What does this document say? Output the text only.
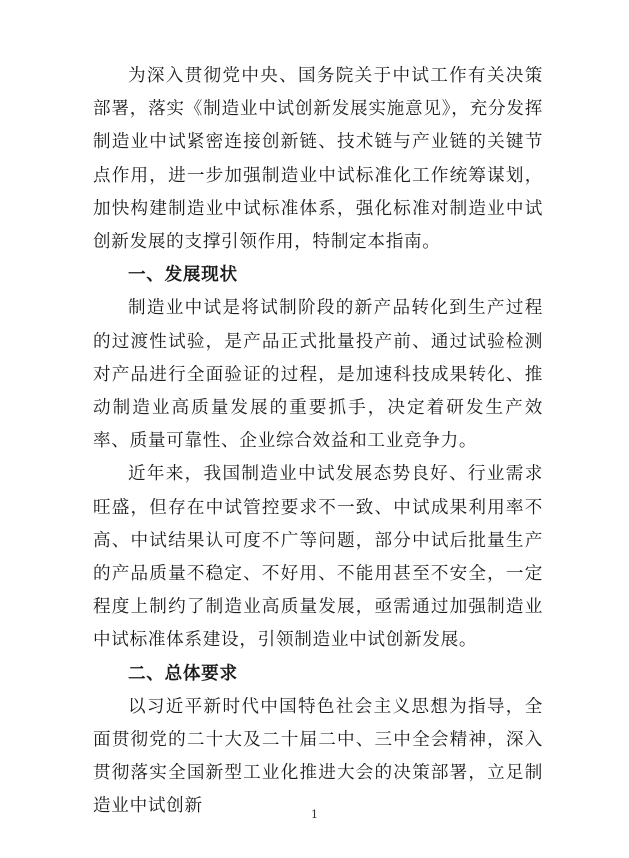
为深入贯彻党中央、国务院关于中试工作有关决策部署，落实《制造业中试创新发展实施意见》，充分发挥制造业中试紧密连接创新链、技术链与产业链的关键节点作用，进一步加强制造业中试标准化工作统筹谋划，加快构建制造业中试标准体系，强化标准对制造业中试创新发展的支撑引领作用，特制定本指南。

一、发展现状

制造业中试是将试制阶段的新产品转化到生产过程的过渡性试验，是产品正式批量投产前、通过试验检测对产品进行全面验证的过程，是加速科技成果转化、推动制造业高质量发展的重要抓手，决定着研发生产效率、质量可靠性、企业综合效益和工业竞争力。

近年来，我国制造业中试发展态势良好、行业需求旺盛，但存在中试管控要求不一致、中试成果利用率不高、中试结果认可度不广等问题，部分中试后批量生产的产品质量不稳定、不好用、不能用甚至不安全，一定程度上制约了制造业高质量发展，亟需通过加强制造业中试标准体系建设，引领制造业中试创新发展。

二、总体要求

以习近平新时代中国特色社会主义思想为指导，全面贯彻党的二十大及二十届二中、三中全会精神，深入贯彻落实全国新型工业化推进大会的决策部署，立足制造业中试创新	1
